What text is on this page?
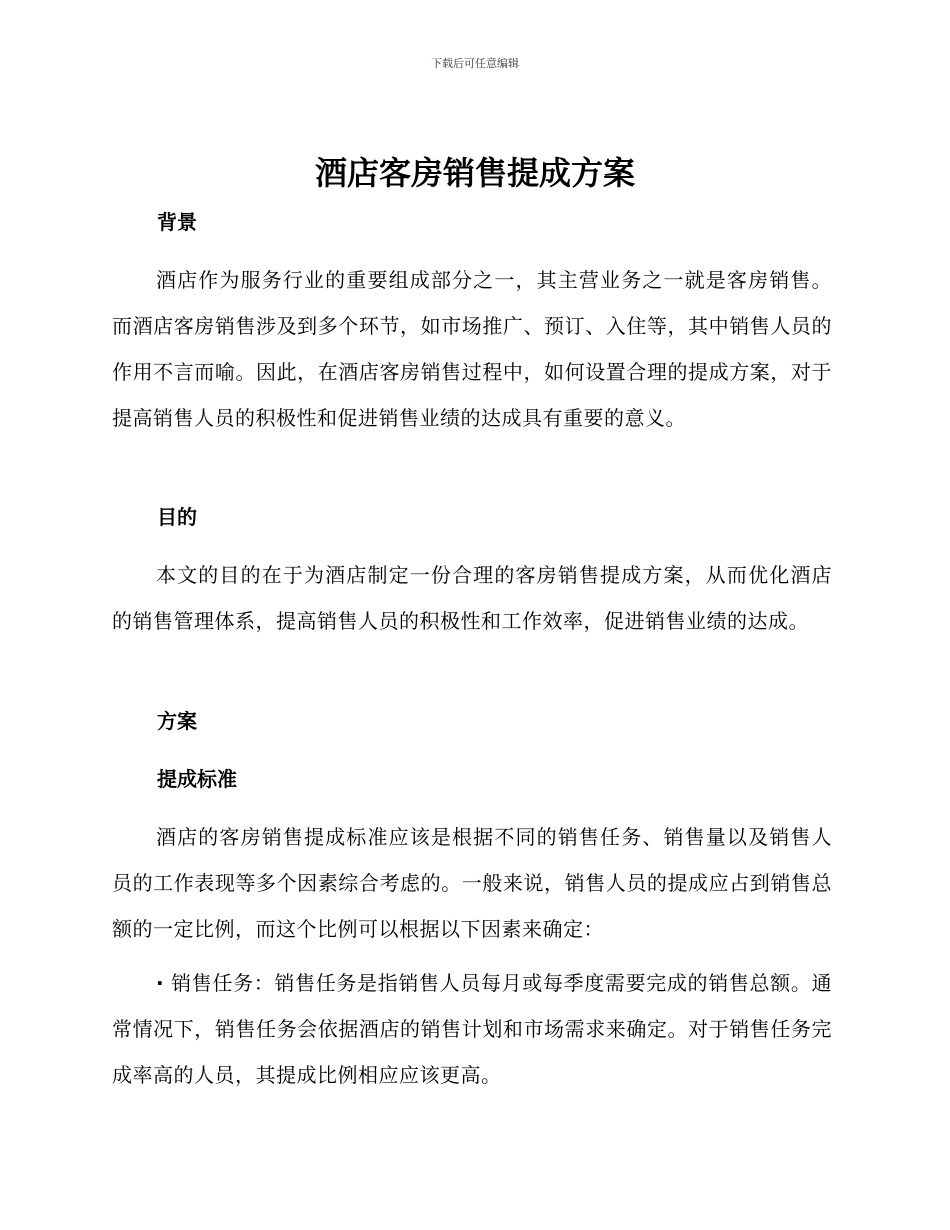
下载后可任意编辑
酒店客房销售提成方案
背景

酒店作为服务行业的重要组成部分之一，其主营业务之一就是客房销售。而酒店客房销售涉及到多个环节，如市场推广、预订、入住等，其中销售人员的作用不言而喻。因此，在酒店客房销售过程中，如何设置合理的提成方案，对于提高销售人员的积极性和促进销售业绩的达成具有重要的意义。

目的

本文的目的在于为酒店制定一份合理的客房销售提成方案，从而优化酒店的销售管理体系，提高销售人员的积极性和工作效率，促进销售业绩的达成。

方案
提成标准

酒店的客房销售提成标准应该是根据不同的销售任务、销售量以及销售人员的工作表现等多个因素综合考虑的。一般来说，销售人员的提成应占到销售总额的一定比例，而这个比例可以根据以下因素来确定：

· 销售任务：销售任务是指销售人员每月或每季度需要完成的销售总额。通常情况下，销售任务会依据酒店的销售计划和市场需求来确定。对于销售任务完成率高的人员，其提成比例相应应该更高。
